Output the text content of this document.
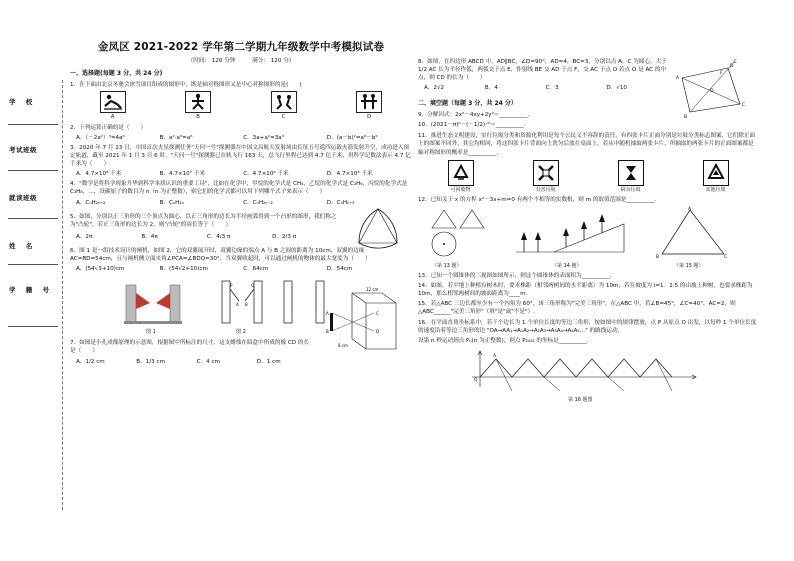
学 校
考试班级
就读班级
姓 名
学 籍 号
金凤区 2021-2022 学年第二学期九年级数学中考模拟试卷
（时间： 120 分钟　　　满分： 120 分）
一、选择题(每题 3 分，共 24 分)
1．在下面由北京冬奥会冰雪项目组成的图形中，既是轴对称图形又是中心对称图形的是(　　)
A	B	C	D
2．下列运算正确的是（　　）
A．（－2a²）³=4a⁶	B．a²·a³=a⁶	C．3a+a²=3a³	D．(a－b)²=a²－b²
3．2020 年 7 月 23 日，中国首次火星探测任务"天问一号"探测器在中国文昌航天发射场由长征五号遥四运载火箭发射升空，成功进入预定轨道，截至 2021 年 1 月 3 日 6 时，"天问一号"探测器已在轨飞行 163 天，总飞行里程已达到 4.7 亿千米，用科学记数法表示 4.7 亿千米为（　　）.
A．4.7×10⁸ 千米	B．4.7×10⁷ 千米	C．4.7×10⁹ 千米	D．4.7×10⁶ 千米
4．"数学是将科学现象升华到科学本质认识的重要工具"，比如在化学中，甲烷的化学式是 CH₄，乙烷的化学式是 C₂H₆，丙烷的化学式是 C₃H₈，…，设碳原子的数目为 n（n 为正整数），则它们的化学式都可以用下列哪个式子来表示（　　）
A．CₙH₂ₙ₊₂	B．CₙH₂ₙ	C．CₙH₂ₙ₋₂	D．CₙHₙ₊₃
5．如图，分别以正三角形的三个顶点为圆心，以正三角形的边长为半径画弧得到一个凸形的图形，我们称之为"凸轮"，若正三角形的边长为 2，则"凸轮"的周长等于（　　）
A．2π	B．4π	C．4/3 π	D．2/3 π
6．图 1 是一组技术设计的闸机，如图 2，它的双翼展开时，双翼边缘的端点 A 与 B 之间的距离为 10cm，双翼的边缘 AC=BD=54cm，且与闸机侧立面夹角∠PCA=∠BDQ=30°．当双翼收起时，可以通过闸机的物体的最大宽度为（　　）
A．(54√3+10)cm	B．(54√2+10)cm	C．64cm	D．54cm
图 1
P	Q
A B
图 2
7．如图是小孔成像原理的示意图，根据图中所标注的尺寸，这支蜡烛在暗盒中所成的像 CD 的长是（　　）
A．1/2 cm	B．1/3 cm	C．4 cm	D．1 cm
12 cm
8 cm
A
B
C
D
8．如图，在四边形 ABCD 中，AD∥BC，∠D=90°，AD=4，BC=3，分别以点 A，C 为圆心，大于 1/2 AC 长为半径作弧，两弧交于点 E，作射线 BE 交 AD 于点 F，交 AC 于点 O 若点 O 是 AC 的中点，则 CD 的长为（　　）	A
B
C
D
E
F
O
A．2√2	B．4	C．3	D．√10
二、填空题（每题 3 分，共 24 分）
9．分解因式：2x²－4xy+2y²＝__________.
10．(2021－π)⁰－(－1/2)⁻²＝__________.
11．推进生态文明建设，实行垃圾分类和资源化利用是每个公民义不容辞的责任，有四张卡片正面分别是垃圾分类标志图案，它们除正面上的图案不同外，其它均相同，将这四张卡片背面向上洗匀后放在桌面上，若从中随机抽取两张卡片，所抽取的两张卡片的正面图案都是轴对称图形的概率是__________.
可回收物	有害垃圾	厨余垃圾	其他垃圾
12．已知关于 x 的方程 x²－3x+m=0 有两个不相等的实数根，则 m 的取值范围是__________.
（第 13 题）	（第 14 题）
A
B	C
（第 15 题）
13．已知一个圆锥体的三视图如图所示，则这个圆锥体的表面积为__________.
14．如图，若平地上种植有树木时，要求株距（相邻两树间的水平距离）为 10m，若在坡度为 i=1：2.5 的山坡上种树，也要求株距为 10m，那么相邻两树间的坡面距离为____m.
15．若△ABC 三边长都至少有一个内角为 60°，该三角形称为"完美三角形"，在△ABC 中，若∠B=45°，∠C=40°，AC=2，则△ABC______"完美三角形"（填"是"或"不是"）.
16．在平面直角坐标系中，若干个边长为 1 个单位长度的等边三角形，按如图中的规律摆放，点 P 从原点 O 出发，以每秒 1 个单位长度的速度沿着等边三角形的边 "OA→AA₁→A₁A₂→A₂A₃→A₃A₄→A₄A₅…" 的路线运动，
设第 n 秒运动到点 Pₙ(n 为正整数)，则点 P₂₀₂₂ 的坐标是__________.
O
A
第 16 题图
